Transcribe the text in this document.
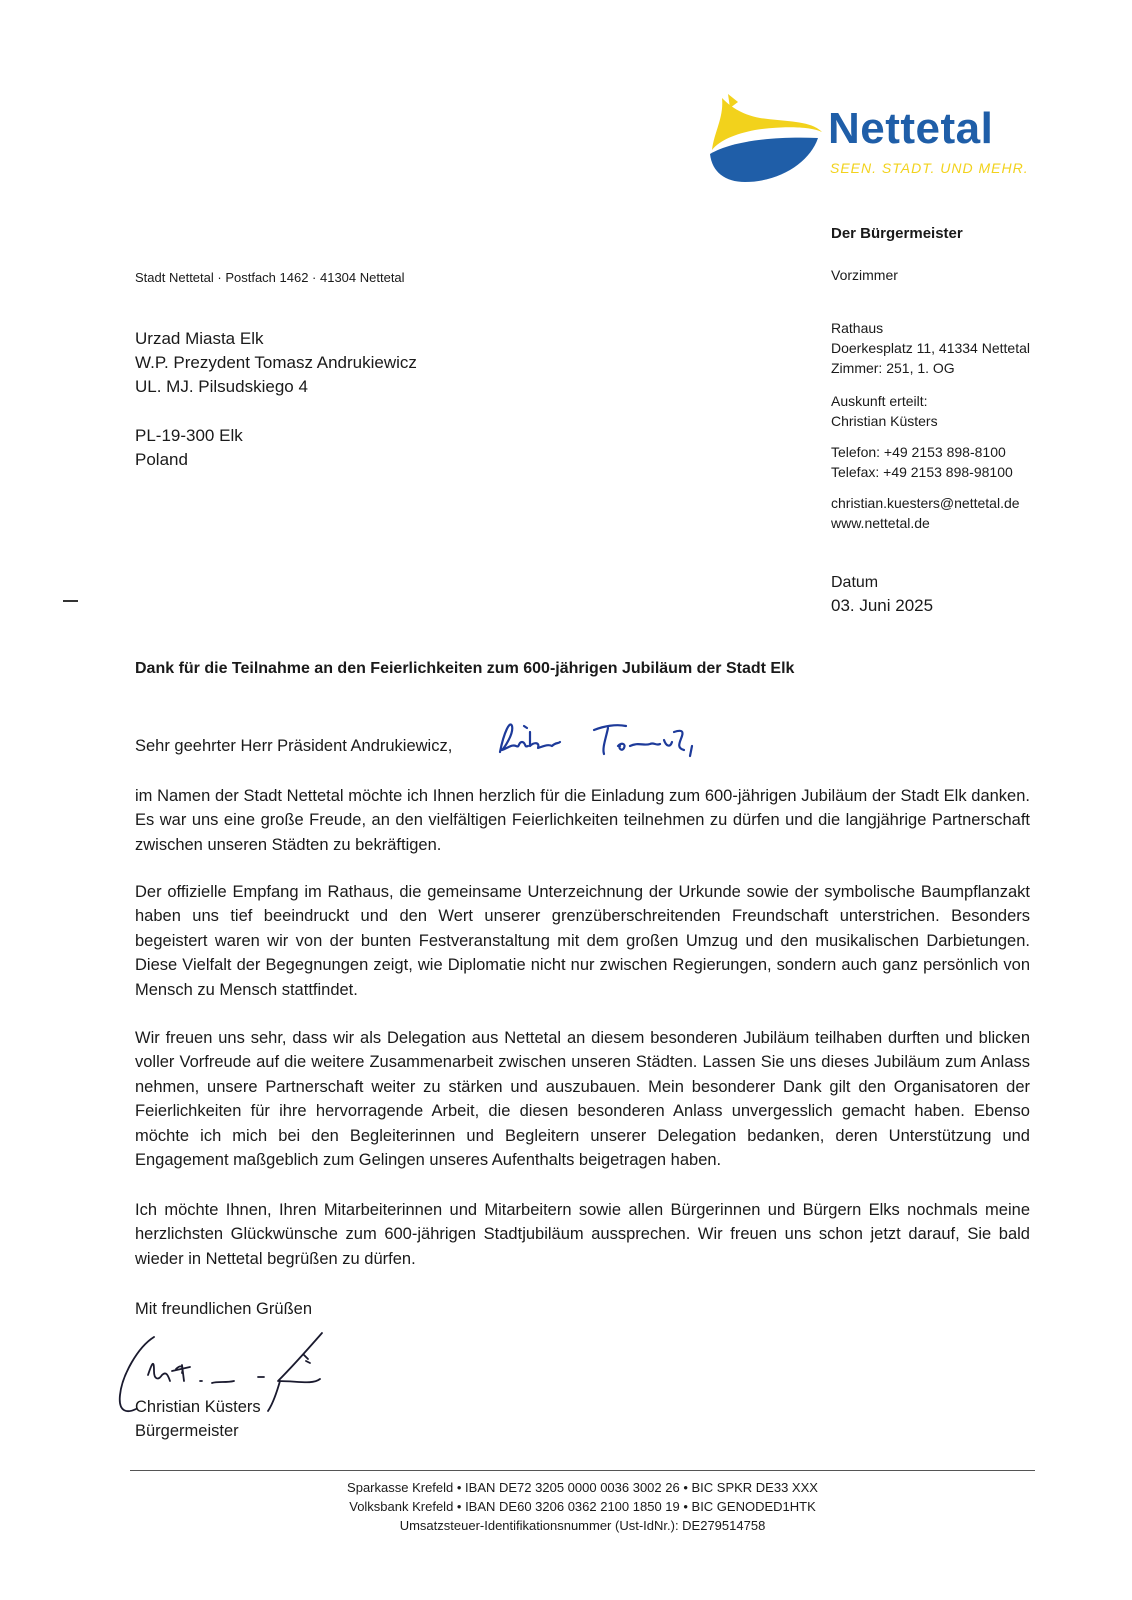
Nettetal
SEEN. STADT. UND MEHR.
Der Bürgermeister
Vorzimmer
Rathaus
Doerkesplatz 11, 41334 Nettetal
Zimmer: 251, 1. OG
Auskunft erteilt:
Christian Küsters
Telefon: +49 2153 898-8100
Telefax: +49 2153 898-98100
christian.kuesters@nettetal.de
www.nettetal.de
Datum
03. Juni 2025
Stadt Nettetal · Postfach 1462 · 41304 Nettetal
Urzad Miasta Elk
W.P. Prezydent Tomasz Andrukiewicz
UL. MJ. Pilsudskiego 4
PL-19-300 Elk
Poland
Dank für die Teilnahme an den Feierlichkeiten zum 600-jährigen Jubiläum der Stadt Elk
Sehr geehrter Herr Präsident Andrukiewicz,
im Namen der Stadt Nettetal möchte ich Ihnen herzlich für die Einladung zum 600-jährigen Jubiläum der Stadt Elk danken. Es war uns eine große Freude, an den vielfältigen Feierlichkeiten teilnehmen zu dürfen und die langjährige Partnerschaft zwischen unseren Städten zu bekräftigen.
Der offizielle Empfang im Rathaus, die gemeinsame Unterzeichnung der Urkunde sowie der symbolische Baumpflanzakt haben uns tief beeindruckt und den Wert unserer grenzüberschreitenden Freundschaft unterstrichen. Besonders begeistert waren wir von der bunten Festveranstaltung mit dem großen Umzug und den musikalischen Darbietungen. Diese Vielfalt der Begegnungen zeigt, wie Diplomatie nicht nur zwischen Regierungen, sondern auch ganz persönlich von Mensch zu Mensch stattfindet.
Wir freuen uns sehr, dass wir als Delegation aus Nettetal an diesem besonderen Jubiläum teilhaben durften und blicken voller Vorfreude auf die weitere Zusammenarbeit zwischen unseren Städten. Lassen Sie uns dieses Jubiläum zum Anlass nehmen, unsere Partnerschaft weiter zu stärken und auszubauen. Mein besonderer Dank gilt den Organisatoren der Feierlichkeiten für ihre hervorragende Arbeit, die diesen besonderen Anlass unvergesslich gemacht haben. Ebenso möchte ich mich bei den Begleiterinnen und Begleitern unserer Delegation bedanken, deren Unterstützung und Engagement maßgeblich zum Gelingen unseres Aufenthalts beigetragen haben.
Ich möchte Ihnen, Ihren Mitarbeiterinnen und Mitarbeitern sowie allen Bürgerinnen und Bürgern Elks nochmals meine herzlichsten Glückwünsche zum 600-jährigen Stadtjubiläum aussprechen. Wir freuen uns schon jetzt darauf, Sie bald wieder in Nettetal begrüßen zu dürfen.
Mit freundlichen Grüßen
Christian Küsters
Bürgermeister
Sparkasse Krefeld • IBAN DE72 3205 0000 0036 3002 26 • BIC SPKR DE33 XXX
Volksbank Krefeld • IBAN DE60 3206 0362 2100 1850 19 • BIC GENODED1HTK
Umsatzsteuer-Identifikationsnummer (Ust-IdNr.): DE279514758
